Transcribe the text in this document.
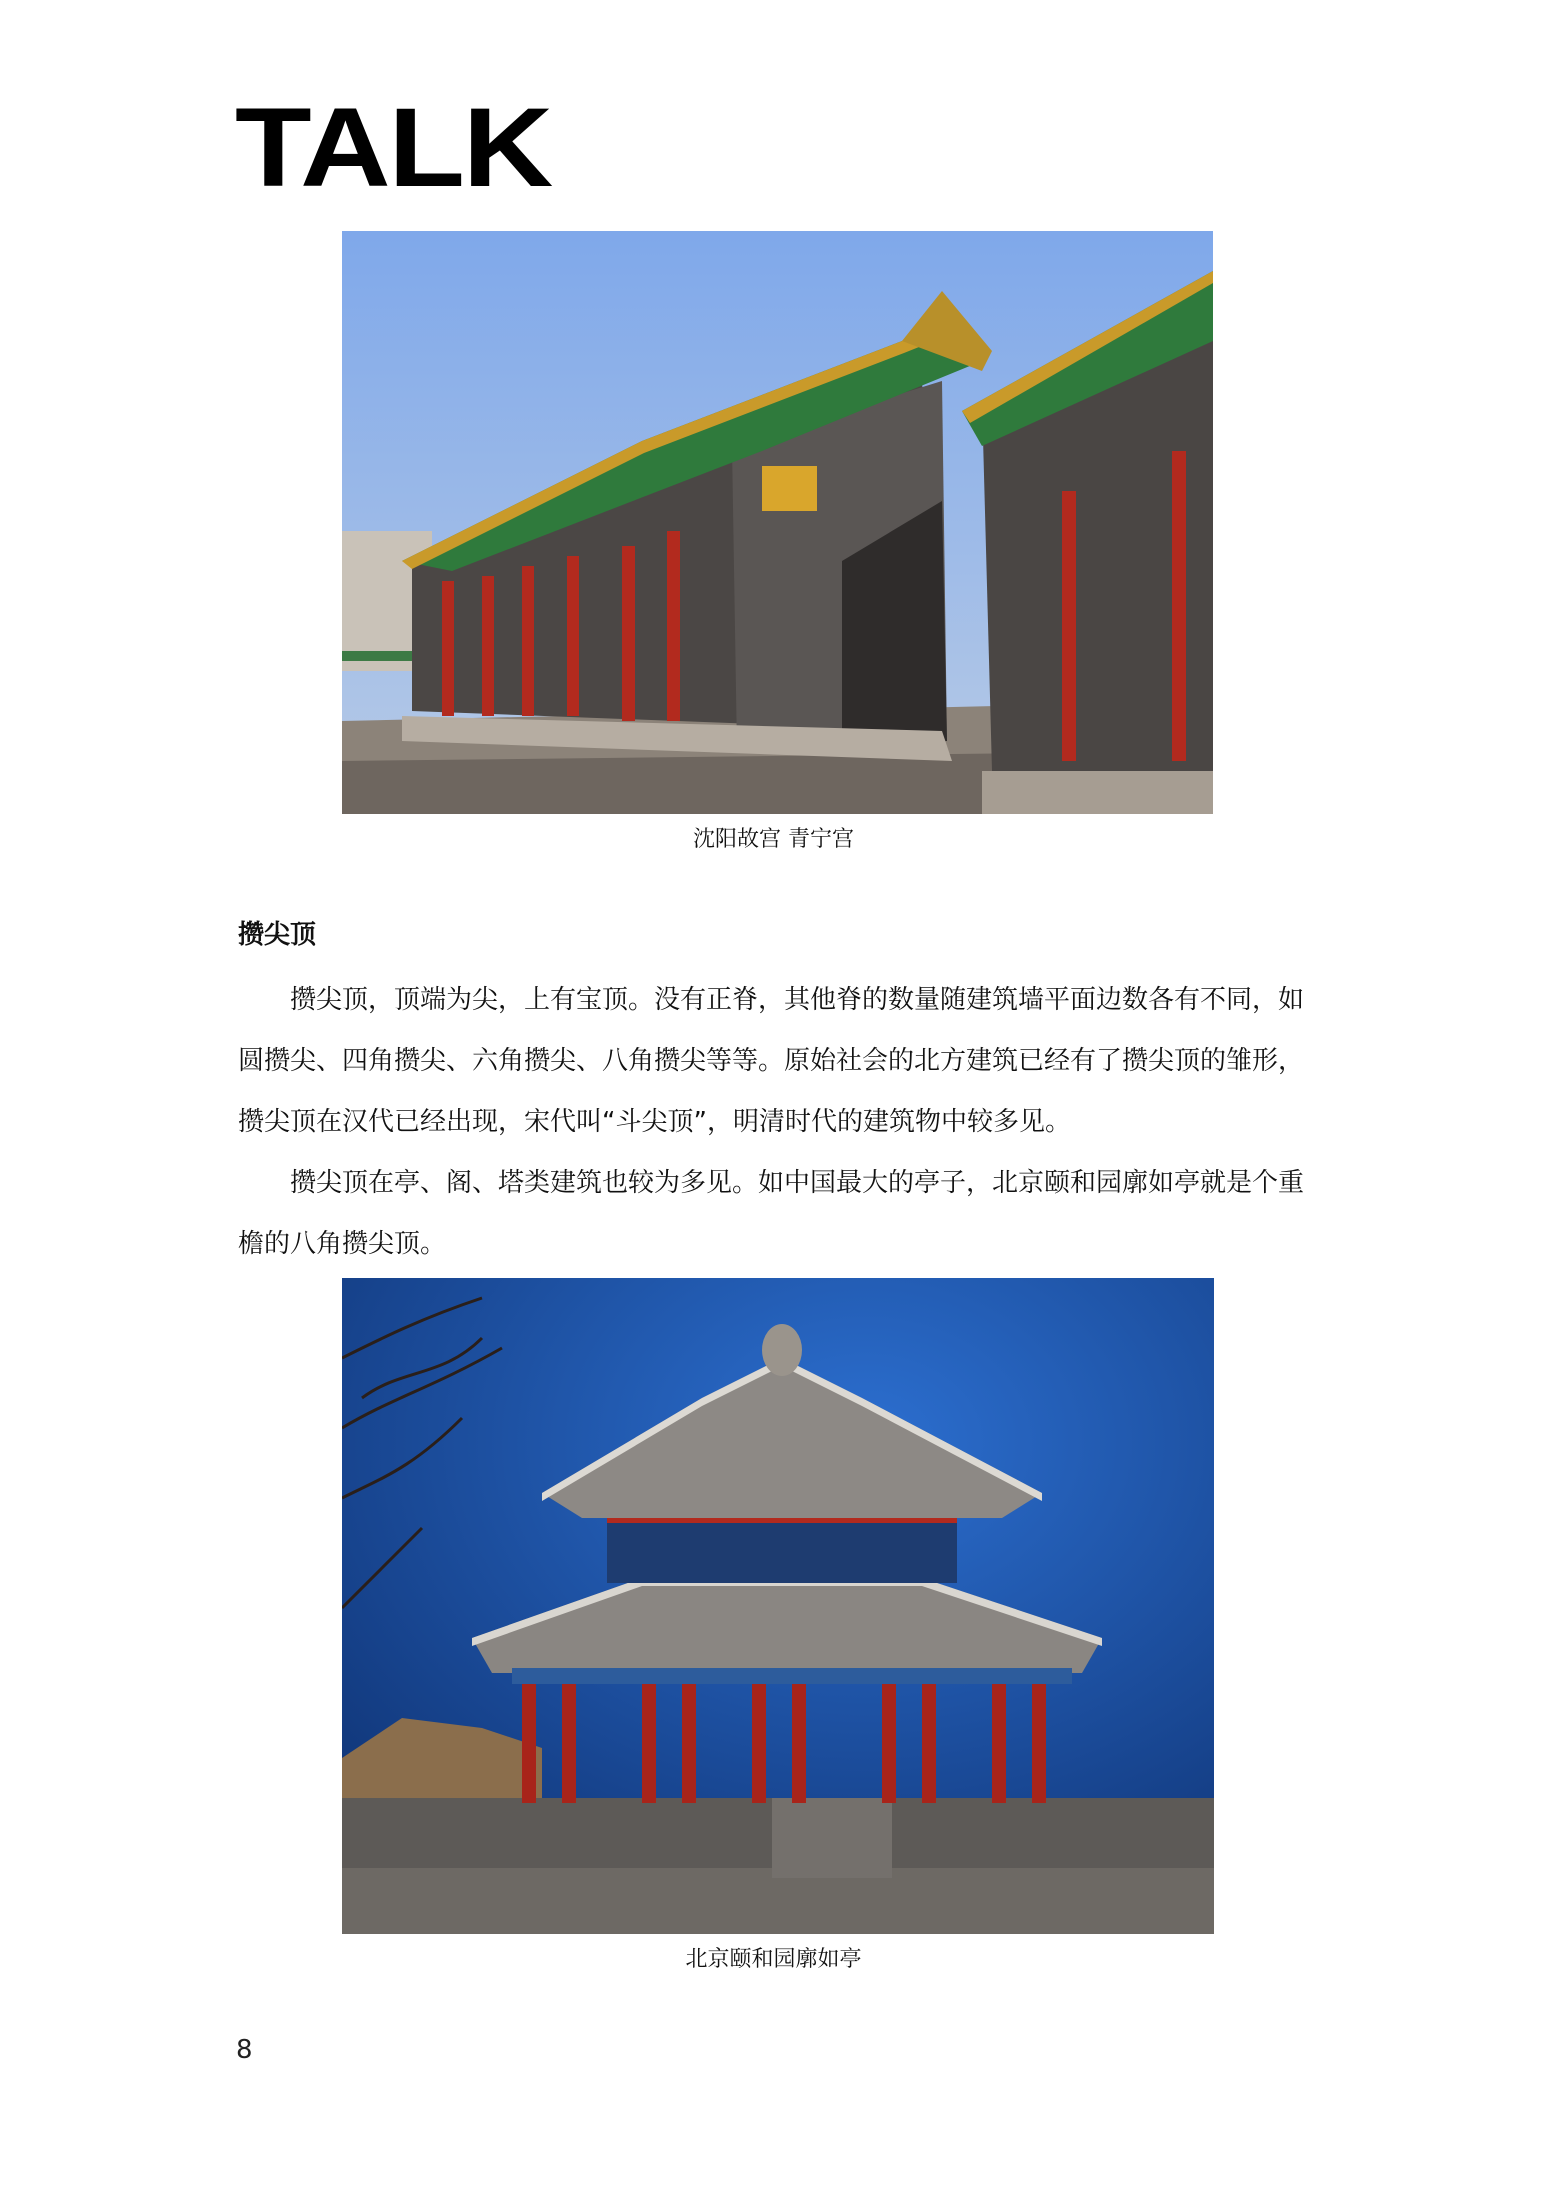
TALK
沈阳故宫 青宁宫
攒尖顶

攒尖顶，顶端为尖，上有宝顶。没有正脊，其他脊的数量随建筑墙平面边数各有不同，如圆攒尖、四角攒尖、六角攒尖、八角攒尖等等。原始社会的北方建筑已经有了攒尖顶的雏形，攒尖顶在汉代已经出现，宋代叫“斗尖顶”，明清时代的建筑物中较多见。

攒尖顶在亭、阁、塔类建筑也较为多见。如中国最大的亭子，北京颐和园廓如亭就是个重檐的八角攒尖顶。

北京颐和园廓如亭
8
